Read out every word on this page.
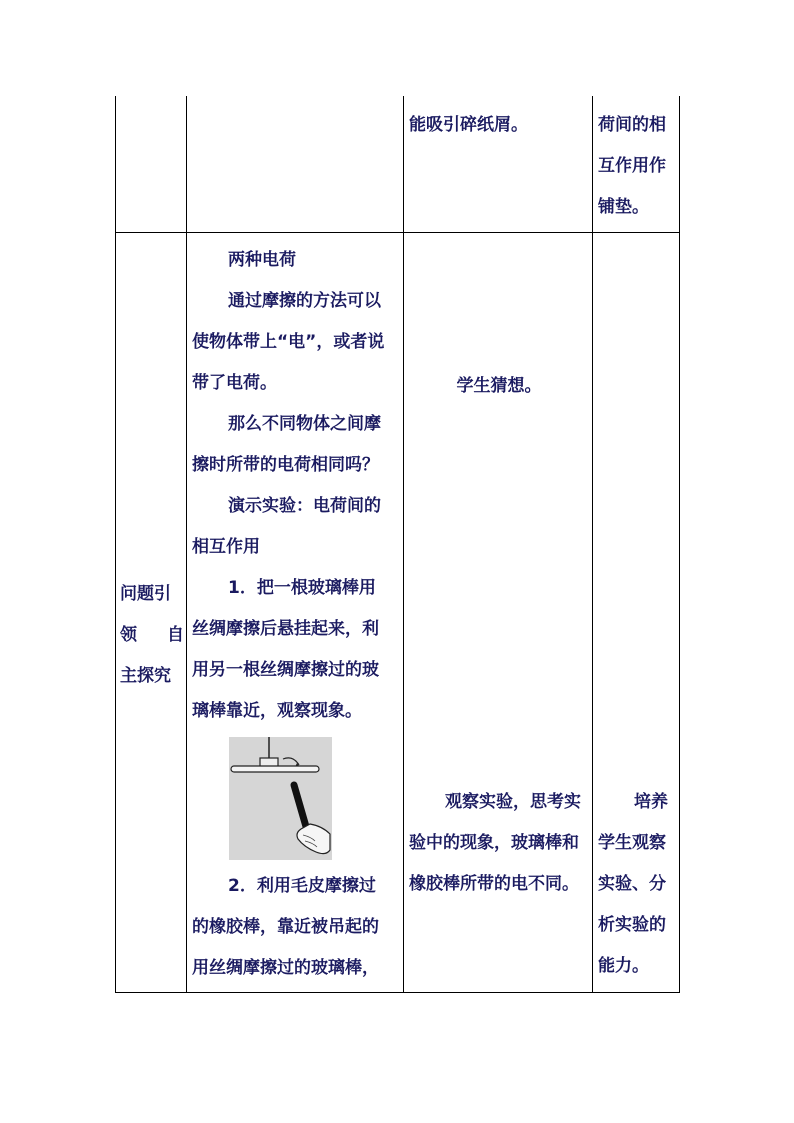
能吸引碎纸屑。	荷间的相

互作用作

铺垫。

问题引

领 自

主探究

两种电荷

通过摩擦的方法可以

使物体带上“电”，或者说

带了电荷。

那么不同物体之间摩

擦时所带的电荷相同吗？

演示实验：电荷间的

相互作用

1．把一根玻璃棒用

丝绸摩擦后悬挂起来，利

用另一根丝绸摩擦过的玻

璃棒靠近，观察现象。

2．利用毛皮摩擦过

的橡胶棒，靠近被吊起的

用丝绸摩擦过的玻璃棒，

学生猜想。

观察实验，思考实

验中的现象，玻璃棒和

橡胶棒所带的电不同。

培养

学生观察

实验、分

析实验的

能力。
